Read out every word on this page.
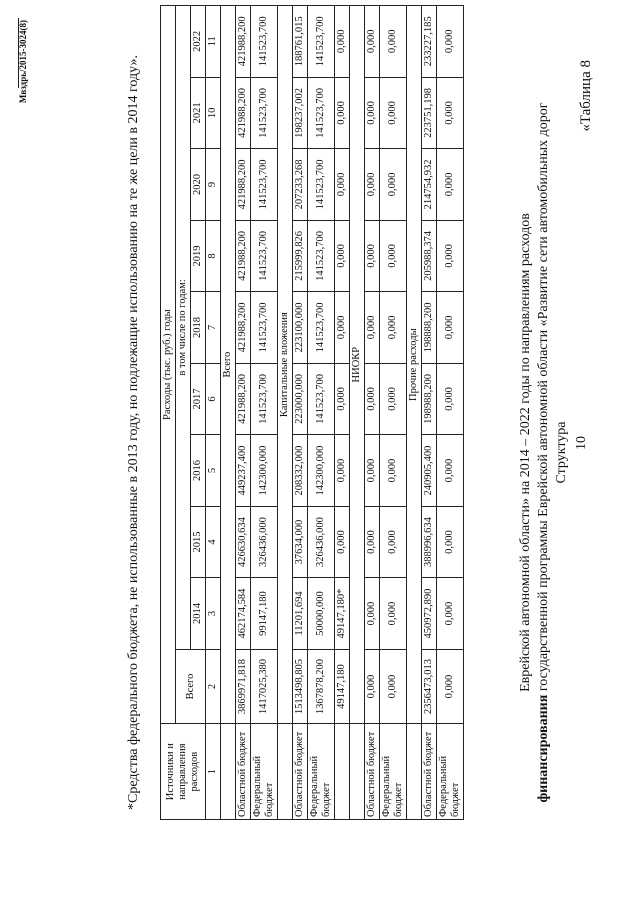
10
«Таблица 8
Структура
финансирования государственной программы Еврейской автономной области «Развитие сети автомобильных дорог
Еврейской автономной области» на 2014 – 2022 годы по направлениям расходов
Источники и направления расходов	Расходы (тыс. руб.) годы									
	Всего	в том числе по годам:								
		2014	2015	2016	2017	2018	2019	2020	2021	2022
1	2	3	4	5	6	7	8	9	10	11
	Всего									
Областной бюджет	3869971,818	462174,584	426630,634	449237,400	421988,200	421988,200	421988,200	421988,200	421988,200	421988,200
Федеральный бюджет	1417025,380	99147,180	326436,000	142300,000	141523,700	141523,700	141523,700	141523,700	141523,700	141523,700
	Капитальные вложения									
Областной бюджет	1513498,805	11201,694	37634,000	208332,000	223000,000	223100,000	215999,826	207233,268	198237,002	188761,015
Федеральный бюджет	1367878,200	50000,000	326436,000	142300,000	141523,700	141523,700	141523,700	141523,700	141523,700	141523,700
	49147,180	49147,180*	0,000	0,000	0,000	0,000	0,000	0,000	0,000	0,000
	НИОКР									
Областной бюджет	0,000	0,000	0,000	0,000	0,000	0,000	0,000	0,000	0,000	0,000
Федеральный бюджет	0,000	0,000	0,000	0,000	0,000	0,000	0,000	0,000	0,000	0,000
	Прочие расходы									
Областной бюджет	2356473,013	450972,890	388996,634	240905,400	198988,200	198888,200	205988,374	214754,932	223751,198	233227,185
Федеральный бюджет	0,000	0,000	0,000	0,000	0,000	0,000	0,000	0,000	0,000	0,000
*Средства федерального бюджета, не использованные в 2013 году, но подлежащие использованию на те же цели в 2014 году».
Мвздрь/2015-3024(8)
